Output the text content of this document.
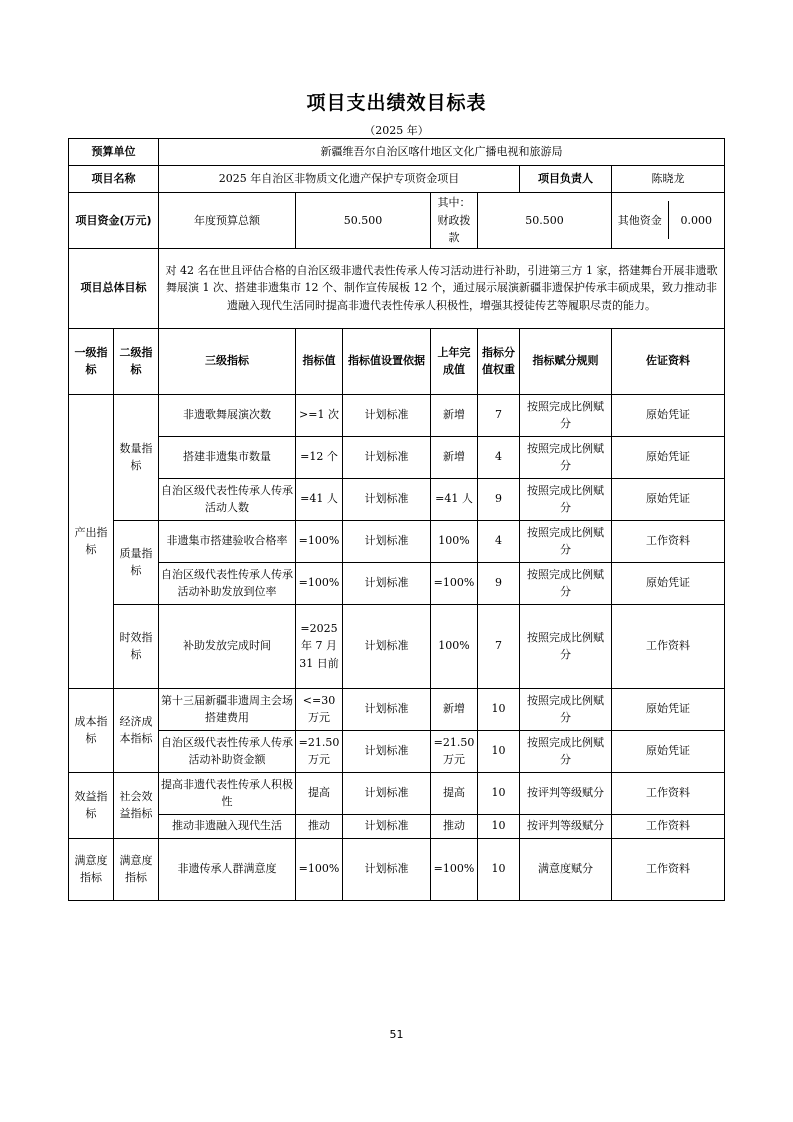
项目支出绩效目标表
（2025 年）
预算单位		新疆维吾尔自治区喀什地区文化广播电视和旅游局						
项目名称		2025 年自治区非物质文化遗产保护专项资金项目					项目负责人	陈晓龙
项目资金(万元)		年度预算总额	50.500		其中：财政拨款	50.500		其他资金 0.000

项目总体目标		对 42 名在世且评估合格的自治区级非遗代表性传承人传习活动进行补助，引进第三方 1 家，搭建舞台开展非遗歌舞展演 1 次、搭建非遗集市 12 个、制作宣传展板 12 个，通过展示展演新疆非遗保护传承丰硕成果，致力推动非遗融入现代生活同时提高非遗代表性传承人积极性，增强其授徒传艺等履职尽责的能力。						
一级指标	二级指标	三级指标	指标值	指标值设置依据	上年完成值	指标分值权重	指标赋分规则	佐证资料
产出指标	数量指标	非遗歌舞展演次数	>=1 次	计划标准	新增	7	按照完成比例赋分	原始凭证
		搭建非遗集市数量	=12 个	计划标准	新增	4	按照完成比例赋分	原始凭证
		自治区级代表性传承人传承活动人数	=41 人	计划标准	=41 人	9	按照完成比例赋分	原始凭证
	质量指标	非遗集市搭建验收合格率	=100%	计划标准	100%	4	按照完成比例赋分	工作资料
		自治区级代表性传承人传承活动补助发放到位率	=100%	计划标准	=100%	9	按照完成比例赋分	原始凭证
	时效指标	补助发放完成时间	=2025 年 7 月 31 日前	计划标准	100%	7	按照完成比例赋分	工作资料
成本指标	经济成本指标	第十三届新疆非遗周主会场搭建费用	<=30 万元	计划标准	新增	10	按照完成比例赋分	原始凭证
		自治区级代表性传承人传承活动补助资金额	=21.50 万元	计划标准	=21.50 万元	10	按照完成比例赋分	原始凭证
效益指标	社会效益指标	提高非遗代表性传承人积极性	提高	计划标准	提高	10	按评判等级赋分	工作资料
		推动非遗融入现代生活	推动	计划标准	推动	10	按评判等级赋分	工作资料
满意度指标	满意度指标	非遗传承人群满意度	=100%	计划标准	=100%	10	满意度赋分	工作资料
51
